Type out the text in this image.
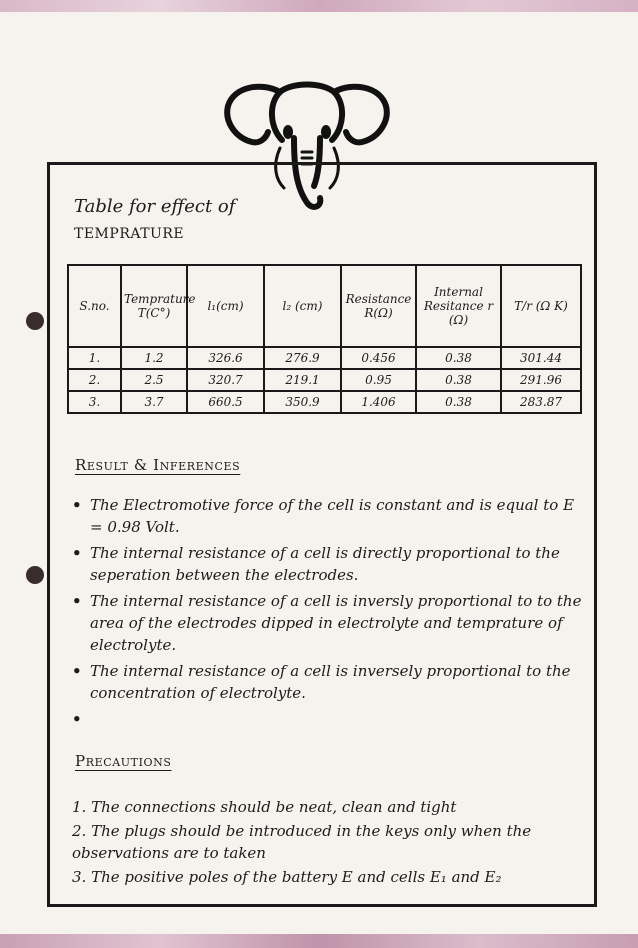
Table for effect of
TEMPRATURE
S.no.	Temprature T(C°)	l₁(cm)	l₂ (cm)	Resistance R(Ω)	Internal Resitance r (Ω)	T/r (Ω K)
1.	1.2	326.6	276.9	0.456	0.38	301.44
2.	2.5	320.7	219.1	0.95	0.38	291.96
3.	3.7	660.5	350.9	1.406	0.38	283.87
Result & Inferences
• The Electromotive force of the cell is constant and is equal to E = 0.98 Volt.
• The internal resistance of a cell is directly proportional to the seperation between the electrodes.
• The internal resistance of a cell is inversly proportional to to the area of the electrodes dipped in electrolyte and temprature of electrolyte.
• The internal resistance of a cell is inversely proportional to the concentration of electrolyte.
•
Precautions
1. The connections should be neat, clean and tight
2. The plugs should be introduced in the keys only when the observations are to taken
3. The positive poles of the battery E and cells E₁ and E₂
